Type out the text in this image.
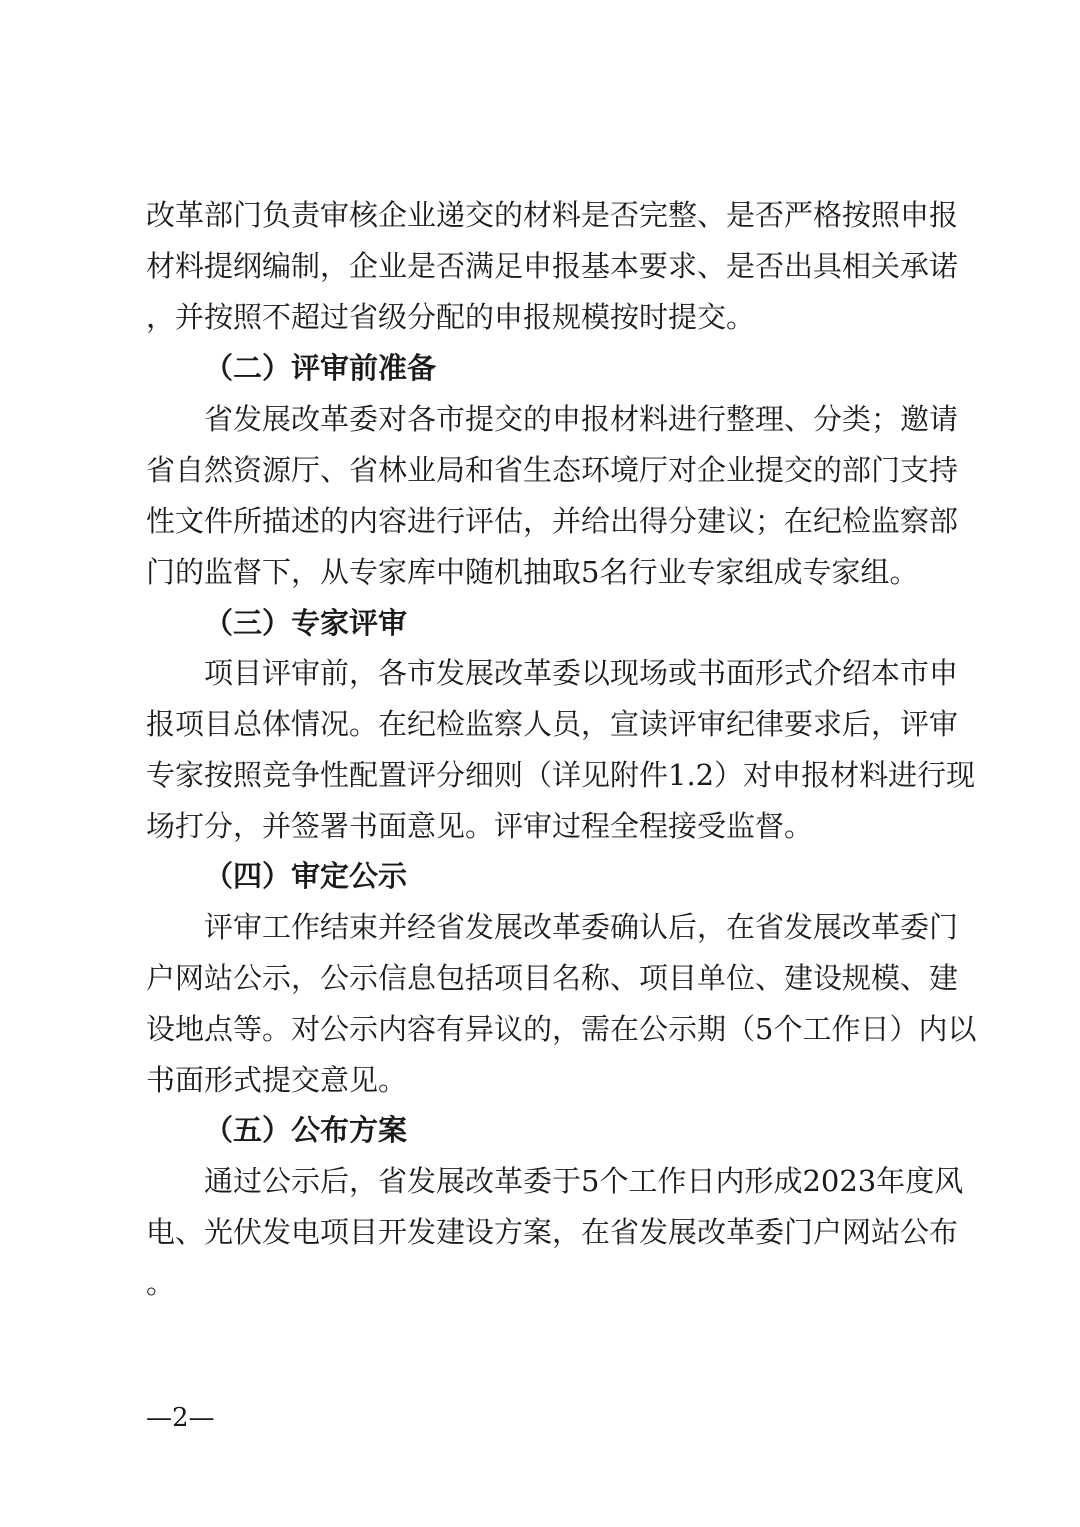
改革部门负责审核企业递交的材料是否完整、是否严格按照申报
材料提纲编制，企业是否满足申报基本要求、是否出具相关承诺
，并按照不超过省级分配的申报规模按时提交。
（二）评审前准备
省发展改革委对各市提交的申报材料进行整理、分类；邀请
省自然资源厅、省林业局和省生态环境厅对企业提交的部门支持
性文件所描述的内容进行评估，并给出得分建议；在纪检监察部
门的监督下，从专家库中随机抽取5名行业专家组成专家组。
（三）专家评审
项目评审前，各市发展改革委以现场或书面形式介绍本市申
报项目总体情况。在纪检监察人员，宣读评审纪律要求后，评审
专家按照竞争性配置评分细则（详见附件1.2）对申报材料进行现
场打分，并签署书面意见。评审过程全程接受监督。
（四）审定公示
评审工作结束并经省发展改革委确认后，在省发展改革委门
户网站公示，公示信息包括项目名称、项目单位、建设规模、建
设地点等。对公示内容有异议的，需在公示期（5个工作日）内以
书面形式提交意见。
（五）公布方案
通过公示后，省发展改革委于5个工作日内形成2023年度风
电、光伏发电项目开发建设方案，在省发展改革委门户网站公布
。
—2—
